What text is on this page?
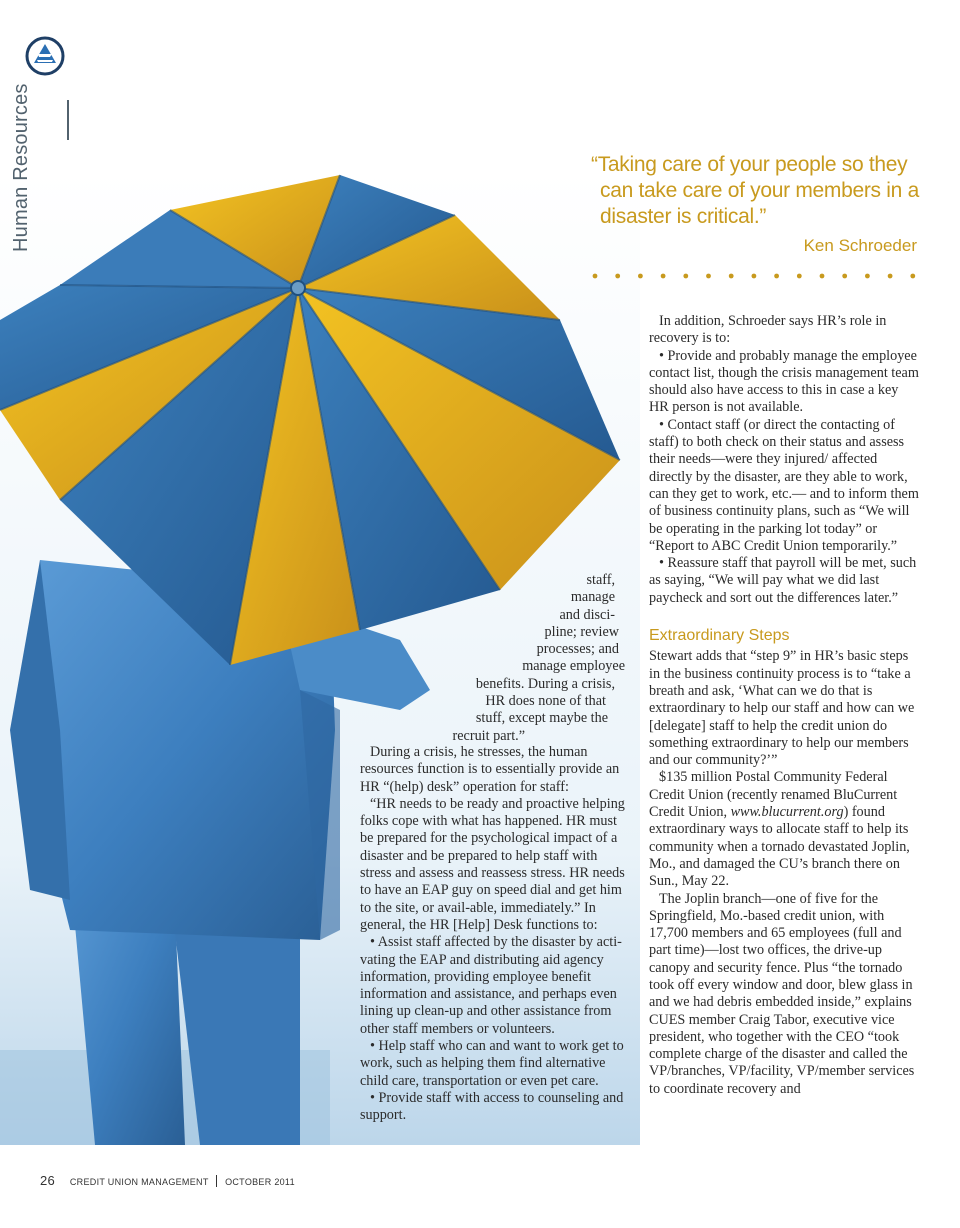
Human Resources	“Taking care of your people so they can take care of your members in a disaster is critical.”

Ken Schroeder
staff,
manage
and disci-
pline; review
processes; and
manage employee
benefits. During a crisis,
HR does none of that
stuff, except maybe the
recruit part.”

During a crisis, he stresses, the human resources function is to essentially provide an HR “(help) desk” operation for staff:

“HR needs to be ready and proactive helping folks cope with what has happened. HR must be prepared for the psychological impact of a disaster and be prepared to help staff with stress and assess and reassess stress. HR needs to have an EAP guy on speed dial and get him to the site, or avail-able, immediately.” In general, the HR [Help] Desk functions to:

• Assist staff affected by the disaster by acti-vating the EAP and distributing aid agency information, providing employee benefit information and assistance, and perhaps even lining up clean-up and other assistance from other staff members or volunteers.

• Help staff who can and want to work get to work, such as helping them find alternative child care, transportation or even pet care.

• Provide staff with access to counseling and support.

In addition, Schroeder says HR’s role in recovery is to:

• Provide and probably manage the employee contact list, though the crisis management team should also have access to this in case a key HR person is not available.

• Contact staff (or direct the contacting of staff) to both check on their status and assess their needs—were they injured/ affected directly by the disaster, are they able to work, can they get to work, etc.— and to inform them of business continuity plans, such as “We will be operating in the parking lot today” or “Report to ABC Credit Union temporarily.”

• Reassure staff that payroll will be met, such as saying, “We will pay what we did last paycheck and sort out the differences later.”

Extraordinary Steps

Stewart adds that “step 9” in HR’s basic steps in the business continuity process is to “take a breath and ask, ‘What can we do that is extraordinary to help our staff and how can we [delegate] staff to help the credit union do something extraordinary to help our members and our community?’”

$135 million Postal Community Federal Credit Union (recently renamed BluCurrent Credit Union, www.blucurrent.org) found extraordinary ways to allocate staff to help its community when a tornado devastated Joplin, Mo., and damaged the CU’s branch there on Sun., May 22.

The Joplin branch—one of five for the Springfield, Mo.-based credit union, with 17,700 members and 65 employees (full and part time)—lost two offices, the drive-up canopy and security fence. Plus “the tornado took off every window and door, blew glass in and we had debris embedded inside,” explains CUES member Craig Tabor, executive vice president, who together with the CEO “took complete charge of the disaster and called the VP/branches, VP/facility, VP/member services to coordinate recovery and

26 CREDIT UNION MANAGEMENT OCTOBER 2011
